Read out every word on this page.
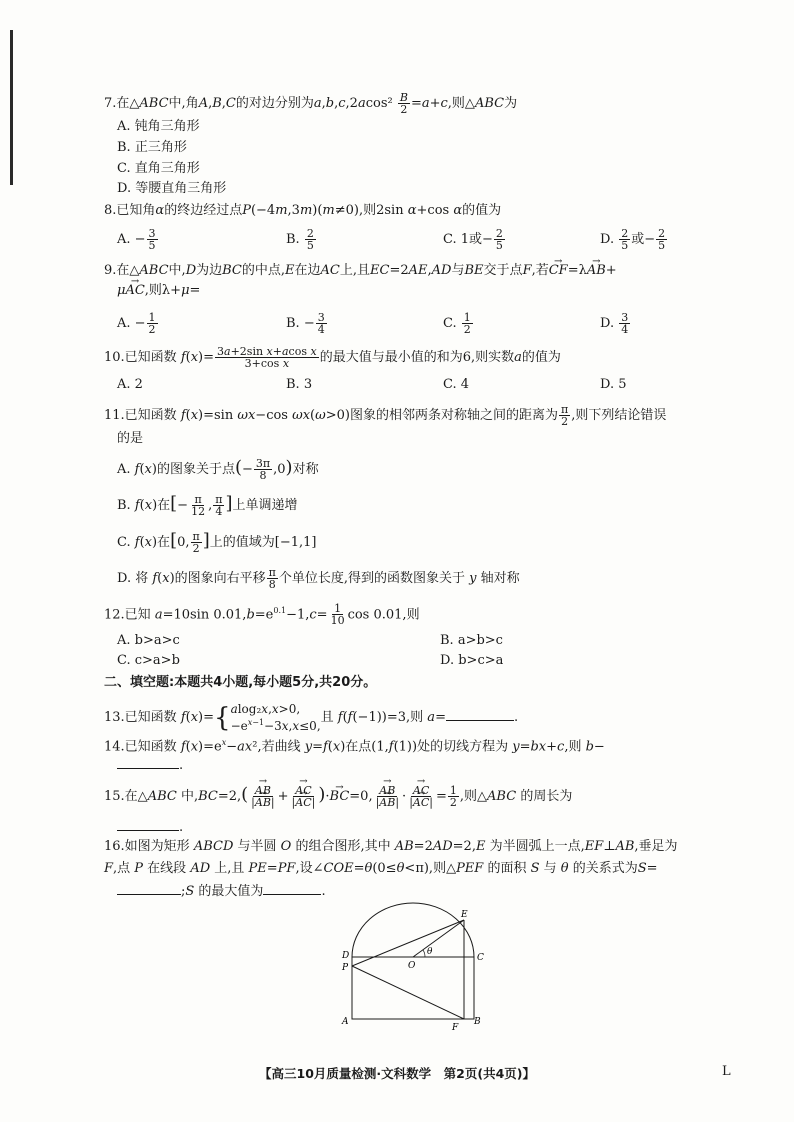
7.在△ABC中,角A,B,C的对边分别为$a,b,c,2acos^2 \frac{B}{2} =a+c$,则△ABC为
A. 钝角三角形
B. 正三角形
C. 直角三角形
D. 等腰直角三角形
8.已知角α的终边经过点P(−4m,3m)(m≠0),则2sin α+cos α的值为
A. − $\frac{3}{5}$	B. $\frac{2}{5}$	C. 1或− $\frac{2}{5}$	D. $\frac{2}{5}$ 或− $\frac{2}{5}$
9.在△ABC中,D为边BC的中点,E在边AC上,且EC=2AE,AD与BE交于点F,若→ CF=λ→ AB+
μ→ AC,则λ+μ=
A. − $\frac{1}{2}$	B. − $\frac{3}{4}$	C. $\frac{1}{2}$	D. $\frac{3}{4}$
10.已知函数 $f(x)= \frac{\text{3a+2sin x+acos x}}{\text{3+cos x}}$ 的最大值与最小值的和为6,则实数a的值为
A. 2	B. 3	C. 4	D. 5
11.已知函数 f(x)=sin ωx−cos ωx(ω>0)图象的相邻两条对称轴之间的距离为 $\frac{\pi}{2}$ ,则下列结论错误
的是
A. f(x)的图象关于点(− $\frac{3\pi}{8} ,0$)对称
B. f(x)在[− $\frac{\pi}{12}$ , $\frac{\pi}{4}$ ]上单调递增
C. f(x)在[0, $\frac{\pi}{2}$ ]上的值域为[−1,1]
D. 将 f(x)的图象向右平移 $\frac{\pi}{8}$ 个单位长度,得到的函数图象关于 y 轴对称
12.已知 a=10sin $0.01,b=e^{0.1}-1,c= \frac{1}{10}$ cos 0.01,则
A. b>a>c	B. a>b>c
C. c>a>b	D. b>c>a
二、填空题:本题共4小题,每小题5分,共20分。
13.已知函数 f(x)= { alog₂x,x>0,
$-e^{x-1}-3x,x\le 0$,
且 f(f(−1))=3,则 a=	.
14.已知函数 $f(x)=e^x-ax^2$,若曲线 y=f(x)在点(1,f(1))处的切线方程为 y=bx+c,则 b−
.
15.在△ABC 中,BC=2,(
→ $\frac{AB}{|\to AB|}$ +
→ $\frac{AC}{|\to AC|}$ )·→ BC=0,
→ $\frac{AB}{|\to AB|}$ ·
→ $\frac{AC}{|\to AC|} = \frac{1}{2}$ ,则△ABC 的周长为
.
16.如图为矩形 ABCD 与半圆 O 的组合图形,其中 AB=2AD=2,E 为半圆弧上一点,EF⊥AB,垂足为
F,点 P 在线段 AD 上,且 PE=PF,设∠COE=θ(0≤θ<π),则△PEF 的面积 S 与 θ 的关系式为S=
;S 的最大值为	.
E
D
P	O
θ
C
A
F
B
【高三10月质量检测·文科数学　第2页(共4页)】	L
